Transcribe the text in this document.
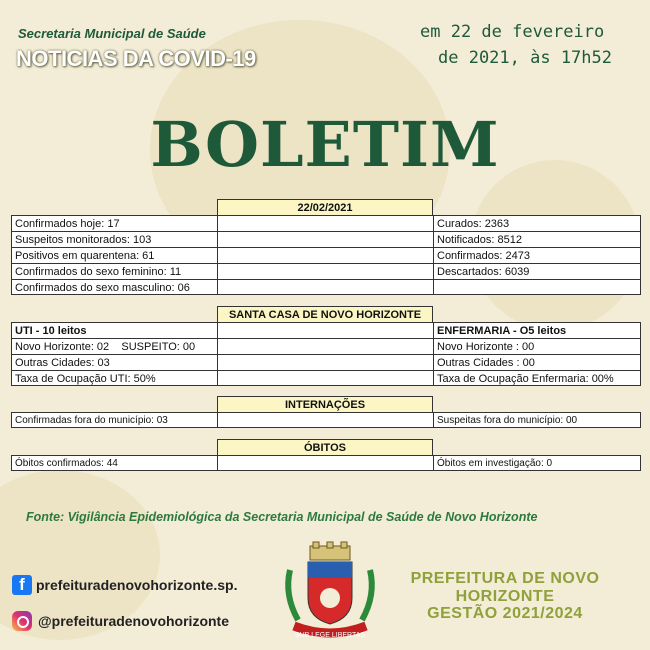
Secretaria Municipal de Saúde
NOTICIAS DA COVID-19
em 22 de fevereiro
de 2021, às 17h52
BOLETIM
22/02/2021
Confirmados hoje: 17	Curados: 2363
Suspeitos monitorados: 103	Notificados: 8512
Positivos em quarentena: 61	Confirmados: 2473
Confirmados do sexo feminino: 11	Descartados: 6039
Confirmados do sexo masculino: 06
SANTA CASA DE NOVO HORIZONTE
UTI - 10 leitos	ENFERMARIA - O5 leitos
Novo Horizonte: 02    SUSPEITO: 00	Novo Horizonte : 00
Outras Cidades: 03	Outras Cidades : 00
Taxa de Ocupação UTI: 50%	Taxa de Ocupação Enfermaria: 00%
INTERNAÇÕES
Confirmadas fora do município: 03	Suspeitas fora do município: 00
ÓBITOS
Óbitos confirmados: 44	Óbitos em investigação: 0
Fonte: Vigilância Epidemiológica da Secretaria Municipal de Saúde de Novo Horizonte
f prefeituradenovohorizonte.sp.
@prefeituradenovohorizonte
SUB LEGE LIBERTAS
PREFEITURA DE NOVO HORIZONTE
GESTÃO 2021/2024
